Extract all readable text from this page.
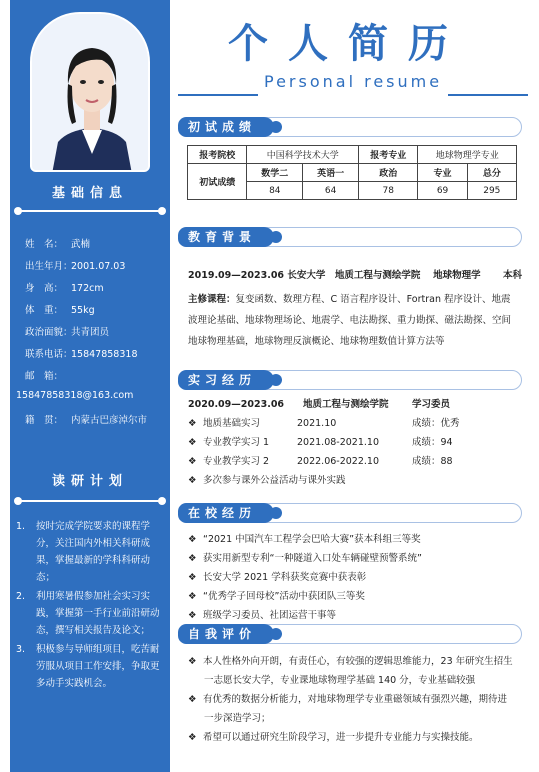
基础信息
姓　名： 武楠
出生年月：2001.07.03
身　高： 172cm
体　重： 55kg
政治面貌：共青团员
联系电话：15847858318
邮　箱：
15847858318@163.com
籍　贯： 内蒙古巴彦淖尔市
读研计划
1. 按时完成学院要求的课程学分，关注国内外相关科研成果，掌握最新的学科科研动态；
2. 利用寒暑假参加社会实习实践，掌握第一手行业前沿研动态，撰写相关报告及论文；
3. 积极参与导师组项目，吃苦耐劳服从项目工作安排，争取更多动手实践机会。
个人简历
Personal resume
初试成绩
报考院校	中国科学技术大学		报考专业	地球物理学专业	
初试成绩	数学二	英语一	政治	专业	总分
	84	64	78	69	295
教育背景
2019.09—2023.06 长安大学　地质工程与测绘学院　 地球物理学　　 本科
主修课程：复变函数、数理方程、C 语言程序设计、Fortran 程序设计、地震波理论基础、地球物理场论、地震学、电法勘探、重力勘探、磁法勘探、空间地球物理基础，地球物理反演概论、地球物理数值计算方法等
实习经历
2020.09—2023.06 地质工程与测绘学院 学习委员
❖ 地质基础实习	2021.10	成绩：优秀
❖ 专业教学实习 1	2021.08-2021.10	成绩：94
❖ 专业教学实习 2	2022.06-2022.10	成绩：88
❖ 多次参与课外公益活动与课外实践
在校经历
❖ “2021 中国汽车工程学会巴哈大赛”获本科组三等奖
❖ 获实用新型专利“一种隧道入口处车辆碰壁预警系统”
❖ 长安大学 2021 学科获奖竞赛中获表彰
❖ “优秀学子回母校”活动中获团队三等奖
❖ 班级学习委员、社团运营干事等
自我评价
❖ 本人性格外向开朗，有责任心，有较强的逻辑思维能力，23 年研究生招生一志愿长安大学，专业课地球物理学基础 140 分，专业基础较强
❖ 有优秀的数据分析能力，对地球物理学专业重磁领域有强烈兴趣，期待进一步深造学习；
❖ 希望可以通过研究生阶段学习，进一步提升专业能力与实操技能。
